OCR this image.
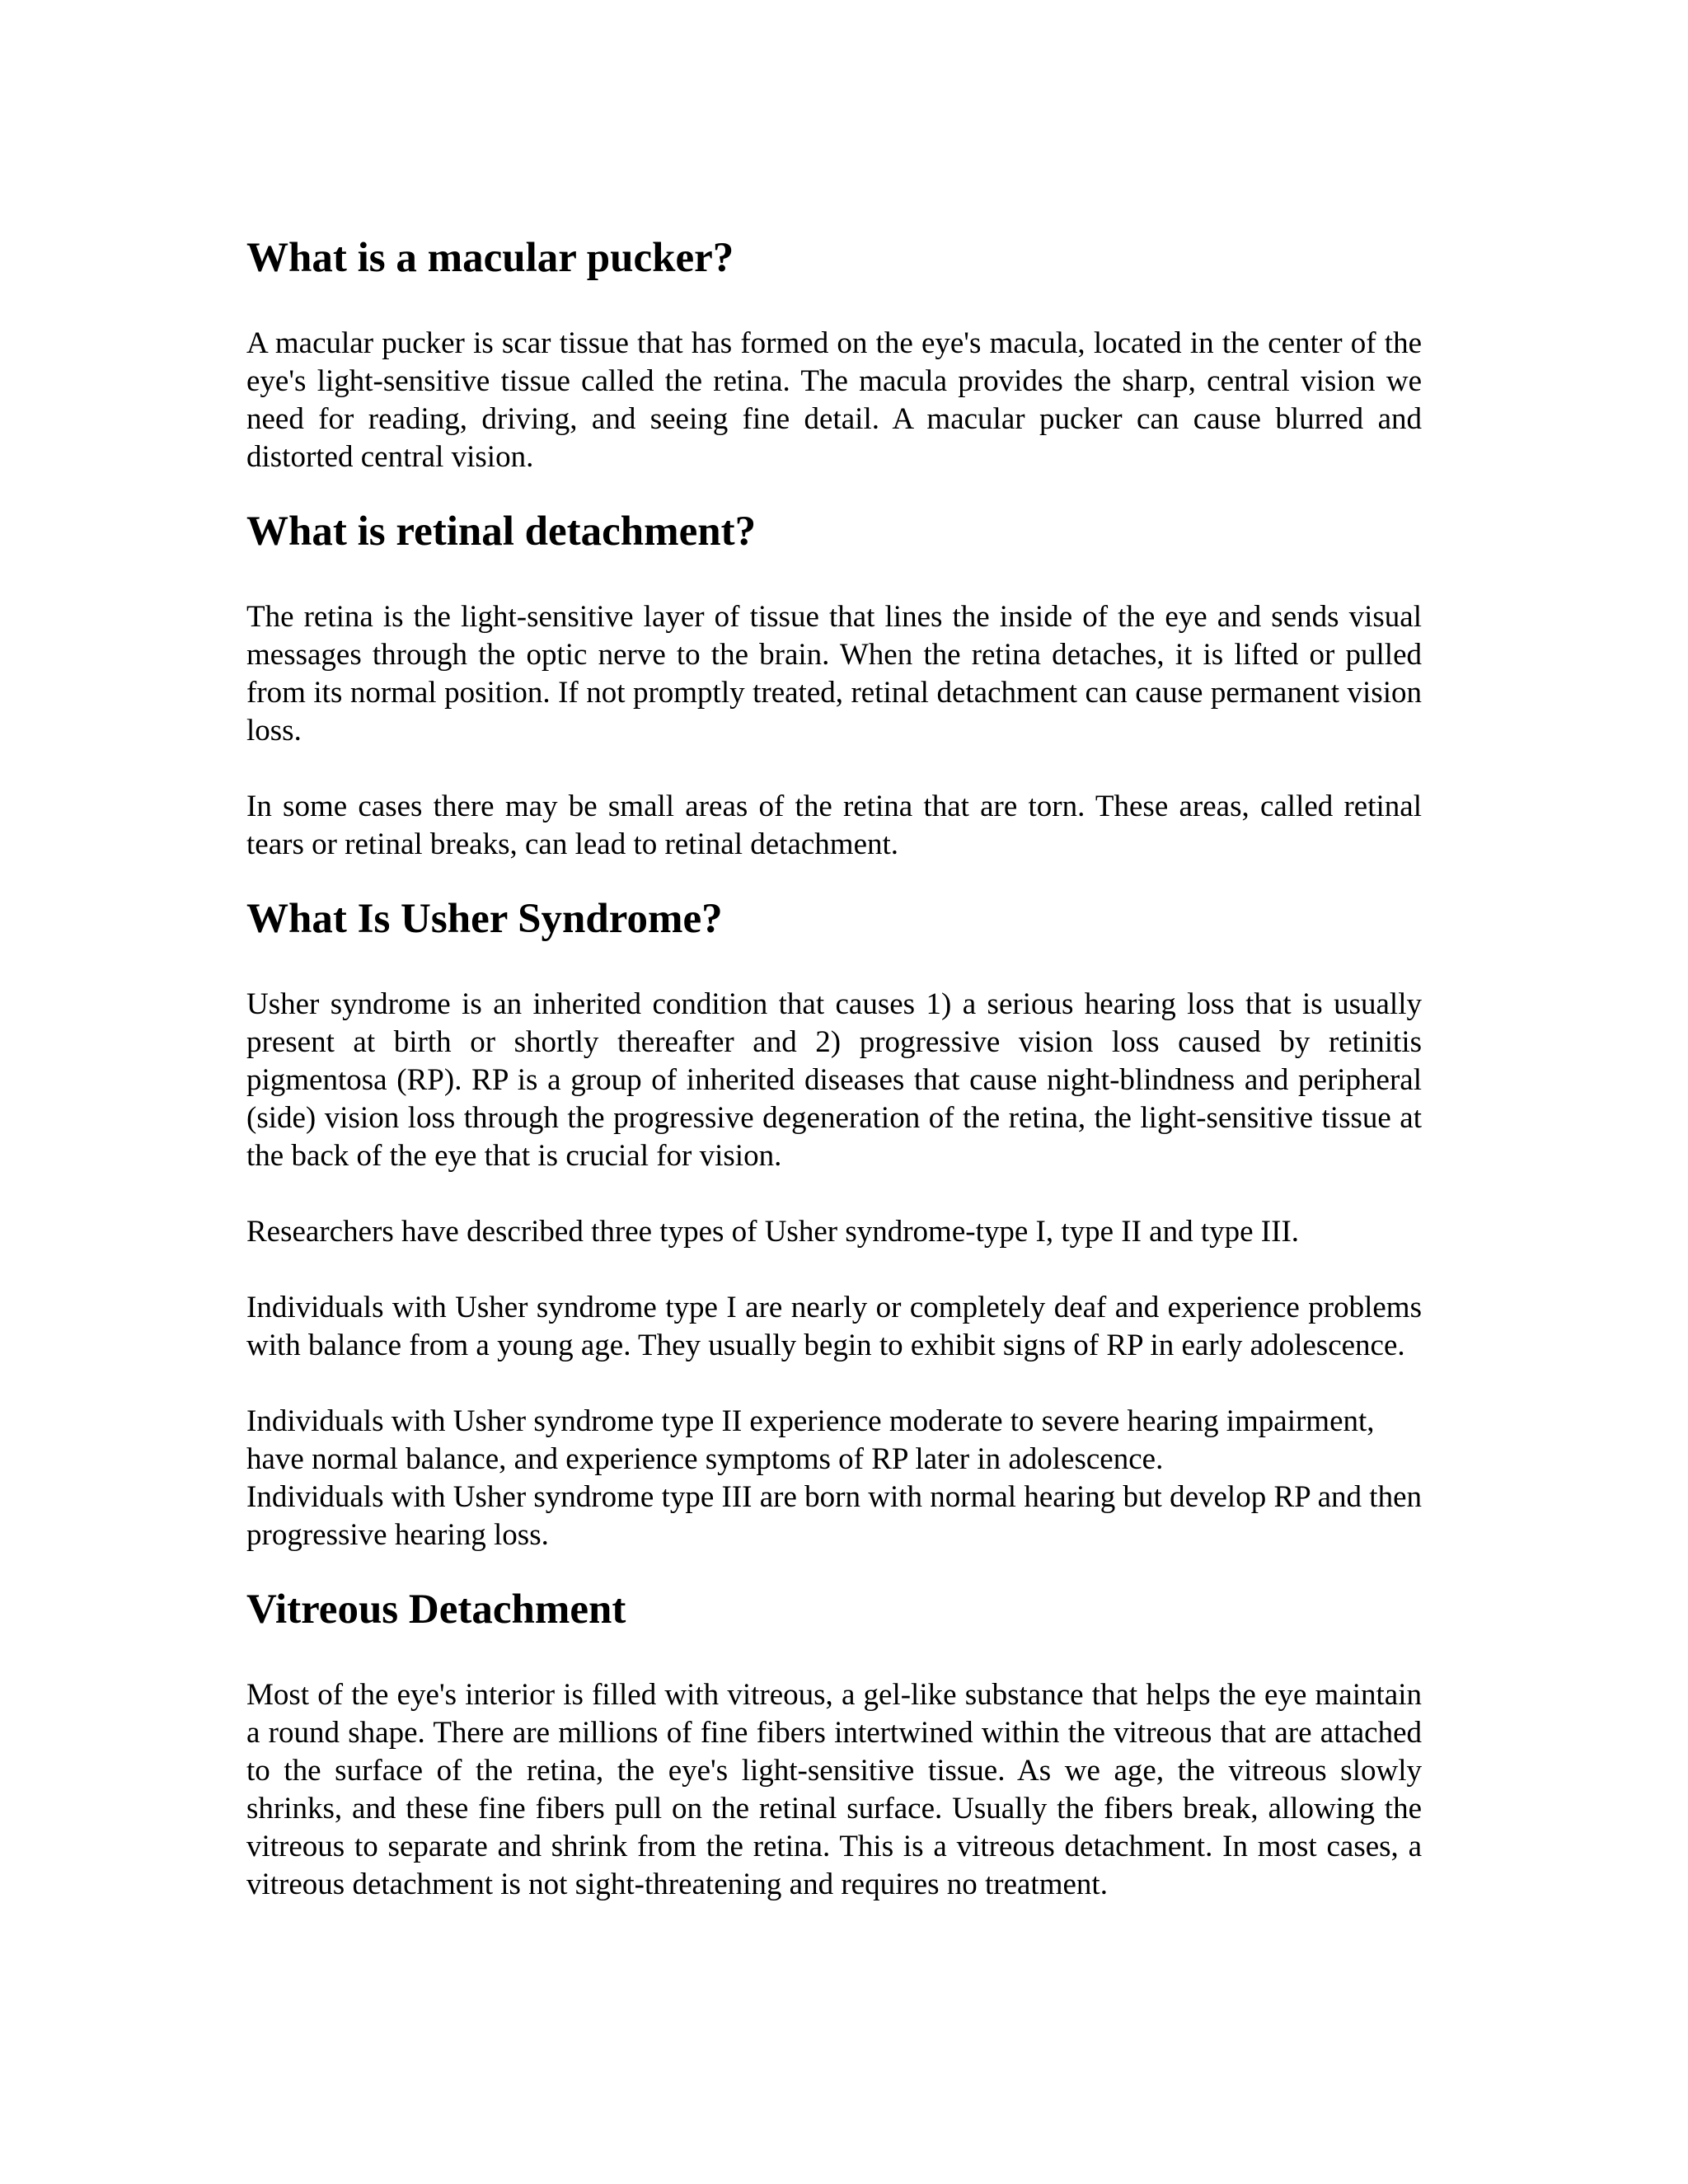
What is a macular pucker?

A macular pucker is scar tissue that has formed on the eye's macula, located in the center of the eye's light-sensitive tissue called the retina. The macula provides the sharp, central vision we need for reading, driving, and seeing fine detail. A macular pucker can cause blurred and distorted central vision.

What is retinal detachment?

The retina is the light-sensitive layer of tissue that lines the inside of the eye and sends visual messages through the optic nerve to the brain. When the retina detaches, it is lifted or pulled from its normal position. If not promptly treated, retinal detachment can cause permanent vision loss.

In some cases there may be small areas of the retina that are torn. These areas, called retinal tears or retinal breaks, can lead to retinal detachment.

What Is Usher Syndrome?

Usher syndrome is an inherited condition that causes 1) a serious hearing loss that is usually present at birth or shortly thereafter and 2) progressive vision loss caused by retinitis pigmentosa (RP). RP is a group of inherited diseases that cause night-blindness and peripheral (side) vision loss through the progressive degeneration of the retina, the light-sensitive tissue at the back of the eye that is crucial for vision.

Researchers have described three types of Usher syndrome-type I, type II and type III.

Individuals with Usher syndrome type I are nearly or completely deaf and experience problems with balance from a young age. They usually begin to exhibit signs of RP in early adolescence.

Individuals with Usher syndrome type II experience moderate to severe hearing impairment, have normal balance, and experience symptoms of RP later in adolescence.

Individuals with Usher syndrome type III are born with normal hearing but develop RP and then progressive hearing loss.

Vitreous Detachment

Most of the eye's interior is filled with vitreous, a gel-like substance that helps the eye maintain a round shape. There are millions of fine fibers intertwined within the vitreous that are attached to the surface of the retina, the eye's light-sensitive tissue. As we age, the vitreous slowly shrinks, and these fine fibers pull on the retinal surface. Usually the fibers break, allowing the vitreous to separate and shrink from the retina. This is a vitreous detachment. In most cases, a vitreous detachment is not sight-threatening and requires no treatment.
